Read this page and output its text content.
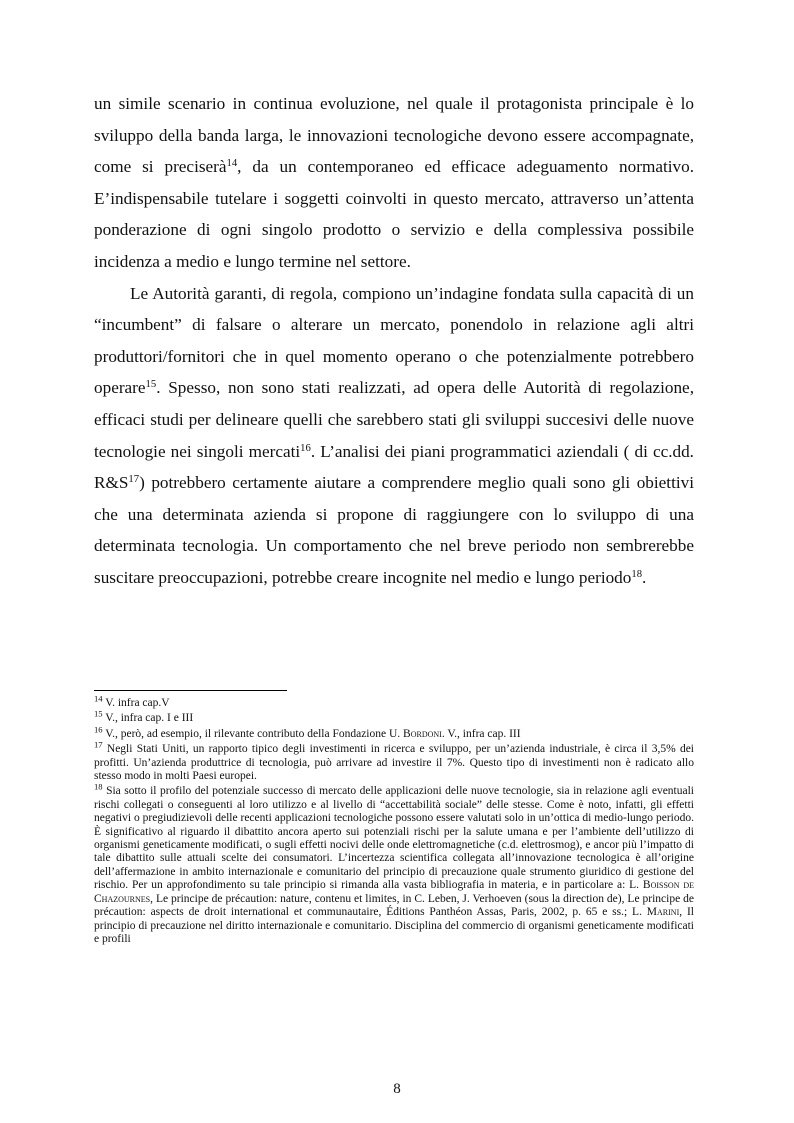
un simile scenario in continua evoluzione, nel quale il protagonista principale è lo sviluppo della banda larga, le innovazioni tecnologiche devono essere accompagnate, come si preciserà$^{14}$, da un contemporaneo ed efficace adeguamento normativo. E’indispensabile tutelare i soggetti coinvolti in questo mercato, attraverso un’attenta ponderazione di ogni singolo prodotto o servizio e della complessiva possibile incidenza a medio e lungo termine nel settore.

Le Autorità garanti, di regola, compiono un’indagine fondata sulla capacità di un “incumbent” di falsare o alterare un mercato, ponendolo in relazione agli altri produttori/fornitori che in quel momento operano o che potenzialmente potrebbero operare$^{15}$. Spesso, non sono stati realizzati, ad opera delle Autorità di regolazione, efficaci studi per delineare quelli che sarebbero stati gli sviluppi succesivi delle nuove tecnologie nei singoli mercati$^{16}$. L’analisi dei piani programmatici aziendali ( di cc.dd. $R\&S^{17}$) potrebbero certamente aiutare a comprendere meglio quali sono gli obiettivi che una determinata azienda si propone di raggiungere con lo sviluppo di una determinata tecnologia. Un comportamento che nel breve periodo non sembrerebbe suscitare preoccupazioni, potrebbe creare incognite nel medio e lungo periodo$^{18}$.

$^{14}$ V. infra cap.V

$^{15}$ V., infra cap. I e III

$^{16}$ V., però, ad esempio, il rilevante contributo della Fondazione U. Bordoni. V., infra cap. III

$^{17}$ Negli Stati Uniti, un rapporto tipico degli investimenti in ricerca e sviluppo, per un’azienda industriale, è circa il 3,5% dei profitti. Un’azienda produttrice di tecnologia, può arrivare ad investire il 7%. Questo tipo di investimenti non è radicato allo stesso modo in molti Paesi europei.

$^{18}$ Sia sotto il profilo del potenziale successo di mercato delle applicazioni delle nuove tecnologie, sia in relazione agli eventuali rischi collegati o conseguenti al loro utilizzo e al livello di “accettabilità sociale” delle stesse. Come è noto, infatti, gli effetti negativi o pregiudizievoli delle recenti applicazioni tecnologiche possono essere valutati solo in un’ottica di medio-lungo periodo. È significativo al riguardo il dibattito ancora aperto sui potenziali rischi per la salute umana e per l’ambiente dell’utilizzo di organismi geneticamente modificati, o sugli effetti nocivi delle onde elettromagnetiche (c.d. elettrosmog), e ancor più l’impatto di tale dibattito sulle attuali scelte dei consumatori. L’incertezza scientifica collegata all’innovazione tecnologica è all’origine dell’affermazione in ambito internazionale e comunitario del principio di precauzione quale strumento giuridico di gestione del rischio. Per un approfondimento su tale principio si rimanda alla vasta bibliografia in materia, e in particolare a: L. Boisson de Chazournes, Le principe de précaution: nature, contenu et limites, in C. Leben, J. Verhoeven (sous la direction de), Le principe de précaution: aspects de droit international et communautaire, Éditions Panthéon Assas, Paris, 2002, p. 65 e ss.; L. Marini, Il principio di precauzione nel diritto internazionale e comunitario. Disciplina del commercio di organismi geneticamente modificati e profili

8
